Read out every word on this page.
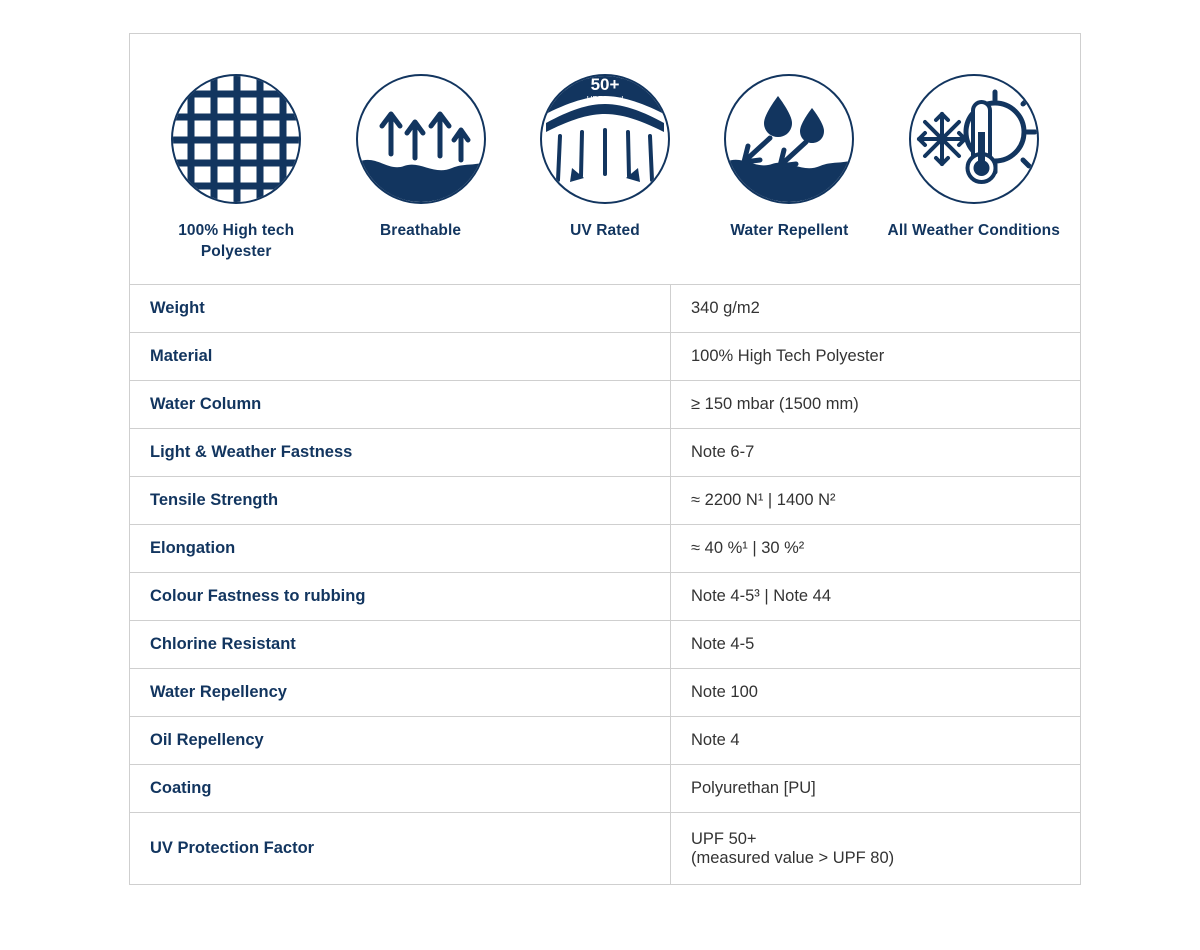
100% High tech Polyester
Breathable
50+
UPF rated
UV Rated	Water Repellent	All Weather Conditions
Weight	340 g/m2
Material	100% High Tech Polyester
Water Column	≥ 150 mbar (1500 mm)
Light & Weather Fastness	Note 6-7
Tensile Strength	≈ 2200 N¹ | 1400 N²
Elongation	≈ 40 %¹ | 30 %²
Colour Fastness to rubbing	Note 4-5³ | Note 44
Chlorine Resistant	Note 4-5
Water Repellency	Note 100
Oil Repellency	Note 4
Coating	Polyurethan [PU]
UV Protection Factor	UPF 50+
(measured value > UPF 80)
